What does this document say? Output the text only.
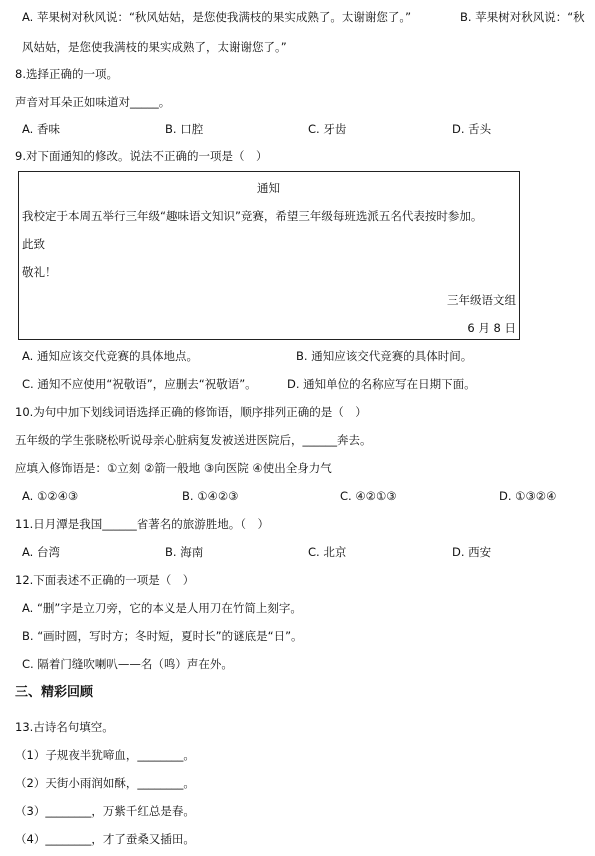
A. 苹果树对秋风说：“秋风姑姑，是您使我满枝的果实成熟了。太谢谢您了。”	B. 苹果树对秋风说：“秋
风姑姑，是您使我满枝的果实成熟了，太谢谢您了。”
8.选择正确的一项。
声音对耳朵正如味道对_____。
A. 香味	B. 口腔	C. 牙齿	D. 舌头
9.对下面通知的修改。说法不正确的一项是（　）
通知
我校定于本周五举行三年级“趣味语文知识”竞赛，希望三年级每班选派五名代表按时参加。
此致
敬礼！
三年级语文组
6 月 8 日
A. 通知应该交代竞赛的具体地点。	B. 通知应该交代竞赛的具体时间。
C. 通知不应使用“祝敬语”，应删去“祝敬语”。	D. 通知单位的名称应写在日期下面。
10.为句中加下划线词语选择正确的修饰语，顺序排列正确的是（　）
五年级的学生张晓松听说母亲心脏病复发被送进医院后，______奔去。
应填入修饰语是：①立刻 ②箭一般地 ③向医院 ④使出全身力气
A. ①②④③	B. ①④②③	C. ④②①③	D. ①③②④
11.日月潭是我国______省著名的旅游胜地。（　）
A. 台湾	B. 海南	C. 北京	D. 西安
12.下面表述不正确的一项是（　）
A. “删”字是立刀旁，它的本义是人用刀在竹简上刻字。
B. “画时圆，写时方；冬时短，夏时长”的谜底是“日”。
C. 隔着门缝吹喇叭——名（鸣）声在外。
三、精彩回顾
13.古诗名句填空。
（1）子规夜半犹啼血，________。
（2）天街小雨润如酥，________。
（3）________，万紫千红总是春。
（4）________，才了蚕桑又插田。
